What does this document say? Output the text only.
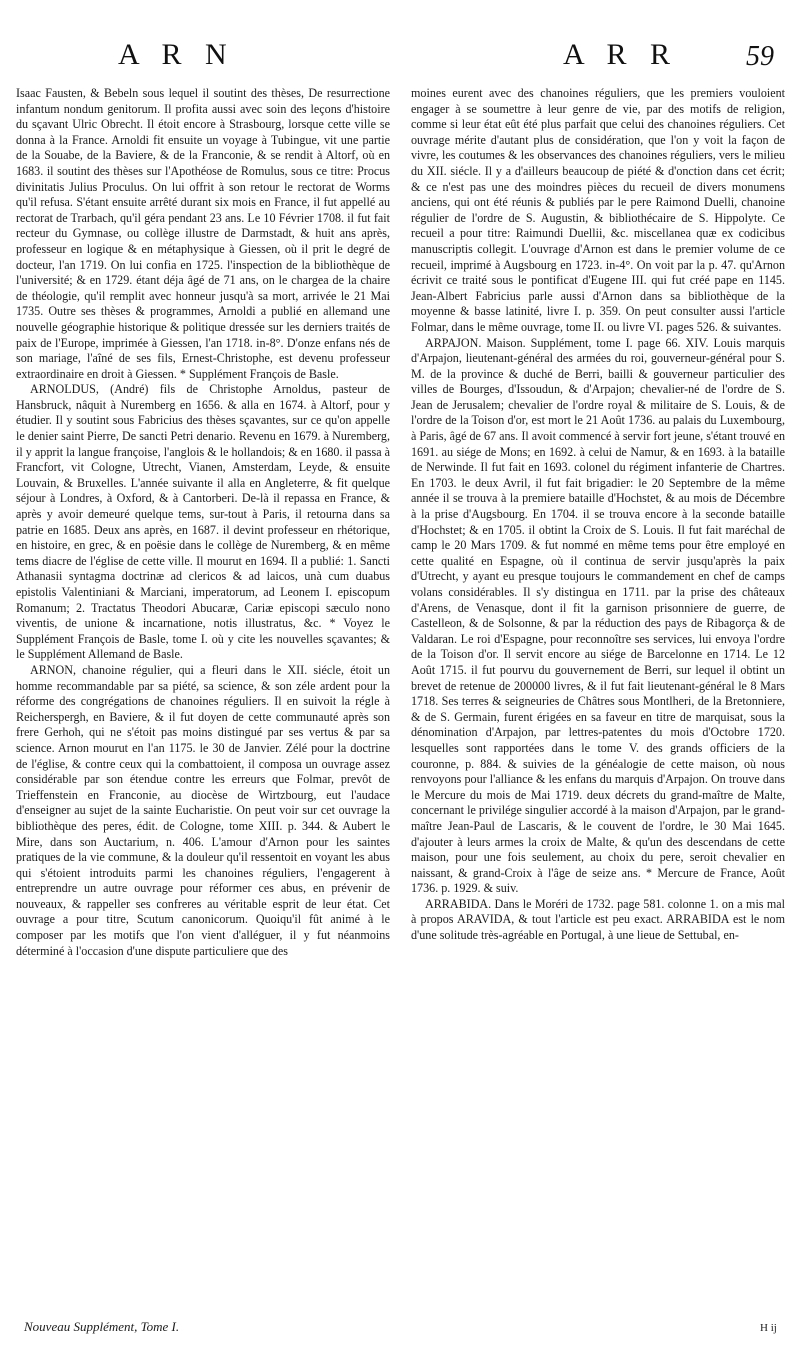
A R N	A R R	59

Isaac Fausten, & Bebeln sous lequel il soutint des thèses, De resurrectione infantum nondum genitorum. Il profita aussi avec soin des leçons d'histoire du sçavant Ulric Obrecht. Il étoit encore à Strasbourg, lorsque cette ville se donna à la France. Arnoldi fit ensuite un voyage à Tubingue, vit une partie de la Souabe, de la Baviere, & de la Franconie, & se rendit à Altorf, où en 1683. il soutint des thèses sur l'Apothéose de Romulus, sous ce titre: Procus divinitatis Julius Proculus. On lui offrit à son retour le rectorat de Worms qu'il refusa. S'étant ensuite arrêté durant six mois en France, il fut appellé au rectorat de Trarbach, qu'il géra pendant 23 ans. Le 10 Février 1708. il fut fait recteur du Gymnase, ou collège illustre de Darmstadt, & huit ans après, professeur en logique & en métaphysique à Giessen, où il prit le degré de docteur, l'an 1719. On lui confia en 1725. l'inspection de la bibliothèque de l'université; & en 1729. étant déja âgé de 71 ans, on le chargea de la chaire de théologie, qu'il remplit avec honneur jusqu'à sa mort, arrivée le 21 Mai 1735. Outre ses thèses & programmes, Arnoldi a publié en allemand une nouvelle géographie historique & politique dressée sur les derniers traités de paix de l'Europe, imprimée à Giessen, l'an 1718. in-8°. D'onze enfans nés de son mariage, l'aîné de ses fils, Ernest-Christophe, est devenu professeur extraordinaire en droit à Giessen. * Supplément François de Basle.

ARNOLDUS, (André) fils de Christophe Arnoldus, pasteur de Hansbruck, nâquit à Nuremberg en 1656. & alla en 1674. à Altorf, pour y étudier. Il y soutint sous Fabricius des thèses sçavantes, sur ce qu'on appelle le denier saint Pierre, De sancti Petri denario. Revenu en 1679. à Nuremberg, il y apprit la langue françoise, l'anglois & le hollandois; & en 1680. il passa à Francfort, vit Cologne, Utrecht, Vianen, Amsterdam, Leyde, & ensuite Louvain, & Bruxelles. L'année suivante il alla en Angleterre, & fit quelque séjour à Londres, à Oxford, & à Cantorberi. De-là il repassa en France, & après y avoir demeuré quelque tems, sur-tout à Paris, il retourna dans sa patrie en 1685. Deux ans après, en 1687. il devint professeur en rhétorique, en histoire, en grec, & en poësie dans le collège de Nuremberg, & en même tems diacre de l'église de cette ville. Il mourut en 1694. Il a publié: 1. Sancti Athanasii syntagma doctrinæ ad clericos & ad laicos, unà cum duabus epistolis Valentiniani & Marciani, imperatorum, ad Leonem I. episcopum Romanum; 2. Tractatus Theodori Abucaræ, Cariæ episcopi sæculo nono viventis, de unione & incarnatione, notis illustratus, &c. * Voyez le Supplément François de Basle, tome I. où y cite les nouvelles sçavantes; & le Supplément Allemand de Basle.

ARNON, chanoine régulier, qui a fleuri dans le XII. siécle, étoit un homme recommandable par sa piété, sa science, & son zéle ardent pour la réforme des congrégations de chanoines réguliers. Il en suivoit la régle à Reicherspergh, en Baviere, & il fut doyen de cette communauté après son frere Gerhoh, qui ne s'étoit pas moins distingué par ses vertus & par sa science. Arnon mourut en l'an 1175. le 30 de Janvier. Zélé pour la doctrine de l'église, & contre ceux qui la combattoient, il composa un ouvrage assez considérable par son étendue contre les erreurs que Folmar, prevôt de Trieffenstein en Franconie, au diocèse de Wirtzbourg, eut l'audace d'enseigner au sujet de la sainte Eucharistie. On peut voir sur cet ouvrage la bibliothèque des peres, édit. de Cologne, tome XIII. p. 344. & Aubert le Mire, dans son Auctarium, n. 406. L'amour d'Arnon pour les saintes pratiques de la vie commune, & la douleur qu'il ressentoit en voyant les abus qui s'étoient introduits parmi les chanoines réguliers, l'engagerent à entreprendre un autre ouvrage pour réformer ces abus, en prévenir de nouveaux, & rappeller ses confreres au véritable esprit de leur état. Cet ouvrage a pour titre, Scutum canonicorum. Quoiqu'il fût animé à le composer par les motifs que l'on vient d'alléguer, il y fut néanmoins déterminé à l'occasion d'une dispute particuliere que des

moines eurent avec des chanoines réguliers, que les premiers vouloient engager à se soumettre à leur genre de vie, par des motifs de religion, comme si leur état eût été plus parfait que celui des chanoines réguliers. Cet ouvrage mérite d'autant plus de considération, que l'on y voit la façon de vivre, les coutumes & les observances des chanoines réguliers, vers le milieu du XII. siécle. Il y a d'ailleurs beaucoup de piété & d'onction dans cet écrit; & ce n'est pas une des moindres pièces du recueil de divers monumens anciens, qui ont été réunis & publiés par le pere Raimond Duelli, chanoine régulier de l'ordre de S. Augustin, & bibliothécaire de S. Hippolyte. Ce recueil a pour titre: Raimundi Duellii, &c. miscellanea quæ ex codicibus manuscriptis collegit. L'ouvrage d'Arnon est dans le premier volume de ce recueil, imprimé à Augsbourg en 1723. in-4°. On voit par la p. 47. qu'Arnon écrivit ce traité sous le pontificat d'Eugene III. qui fut créé pape en 1145. Jean-Albert Fabricius parle aussi d'Arnon dans sa bibliothèque de la moyenne & basse latinité, livre I. p. 359. On peut consulter aussi l'article Folmar, dans le même ouvrage, tome II. ou livre VI. pages 526. & suivantes.

ARPAJON. Maison. Supplément, tome I. page 66. XIV. Louis marquis d'Arpajon, lieutenant-général des armées du roi, gouverneur-général pour S. M. de la province & duché de Berri, bailli & gouverneur particulier des villes de Bourges, d'Issoudun, & d'Arpajon; chevalier-né de l'ordre de S. Jean de Jerusalem; chevalier de l'ordre royal & militaire de S. Louis, & de l'ordre de la Toison d'or, est mort le 21 Août 1736. au palais du Luxembourg, à Paris, âgé de 67 ans. Il avoit commencé à servir fort jeune, s'étant trouvé en 1691. au siége de Mons; en 1692. à celui de Namur, & en 1693. à la bataille de Nerwinde. Il fut fait en 1693. colonel du régiment infanterie de Chartres. En 1703. le deux Avril, il fut fait brigadier: le 20 Septembre de la même année il se trouva à la premiere bataille d'Hochstet, & au mois de Décembre à la prise d'Augsbourg. En 1704. il se trouva encore à la seconde bataille d'Hochstet; & en 1705. il obtint la Croix de S. Louis. Il fut fait maréchal de camp le 20 Mars 1709. & fut nommé en même tems pour être employé en cette qualité en Espagne, où il continua de servir jusqu'après la paix d'Utrecht, y ayant eu presque toujours le commandement en chef de camps volans considérables. Il s'y distingua en 1711. par la prise des châteaux d'Arens, de Venasque, dont il fit la garnison prisonniere de guerre, de Castelleon, & de Solsonne, & par la réduction des pays de Ribagorça & de Valdaran. Le roi d'Espagne, pour reconnoître ses services, lui envoya l'ordre de la Toison d'or. Il servit encore au siége de Barcelonne en 1714. Le 12 Août 1715. il fut pourvu du gouvernement de Berri, sur lequel il obtint un brevet de retenue de 200000 livres, & il fut fait lieutenant-général le 8 Mars 1718. Ses terres & seigneuries de Châtres sous Montlheri, de la Bretonniere, & de S. Germain, furent érigées en sa faveur en titre de marquisat, sous la dénomination d'Arpajon, par lettres-patentes du mois d'Octobre 1720. lesquelles sont rapportées dans le tome V. des grands officiers de la couronne, p. 884. & suivies de la généalogie de cette maison, où nous renvoyons pour l'alliance & les enfans du marquis d'Arpajon. On trouve dans le Mercure du mois de Mai 1719. deux décrets du grand-maître de Malte, concernant le privilége singulier accordé à la maison d'Arpajon, par le grand-maître Jean-Paul de Lascaris, & le couvent de l'ordre, le 30 Mai 1645. d'ajouter à leurs armes la croix de Malte, & qu'un des descendans de cette maison, pour une fois seulement, au choix du pere, seroit chevalier en naissant, & grand-Croix à l'âge de seize ans. * Mercure de France, Août 1736. p. 1929. & suiv.

ARRABIDA. Dans le Moréri de 1732. page 581. colonne 1. on a mis mal à propos ARAVIDA, & tout l'article est peu exact. ARRABIDA est le nom d'une solitude très-agréable en Portugal, à une lieue de Settubal, en-

Nouveau Supplément, Tome I.	H ij
